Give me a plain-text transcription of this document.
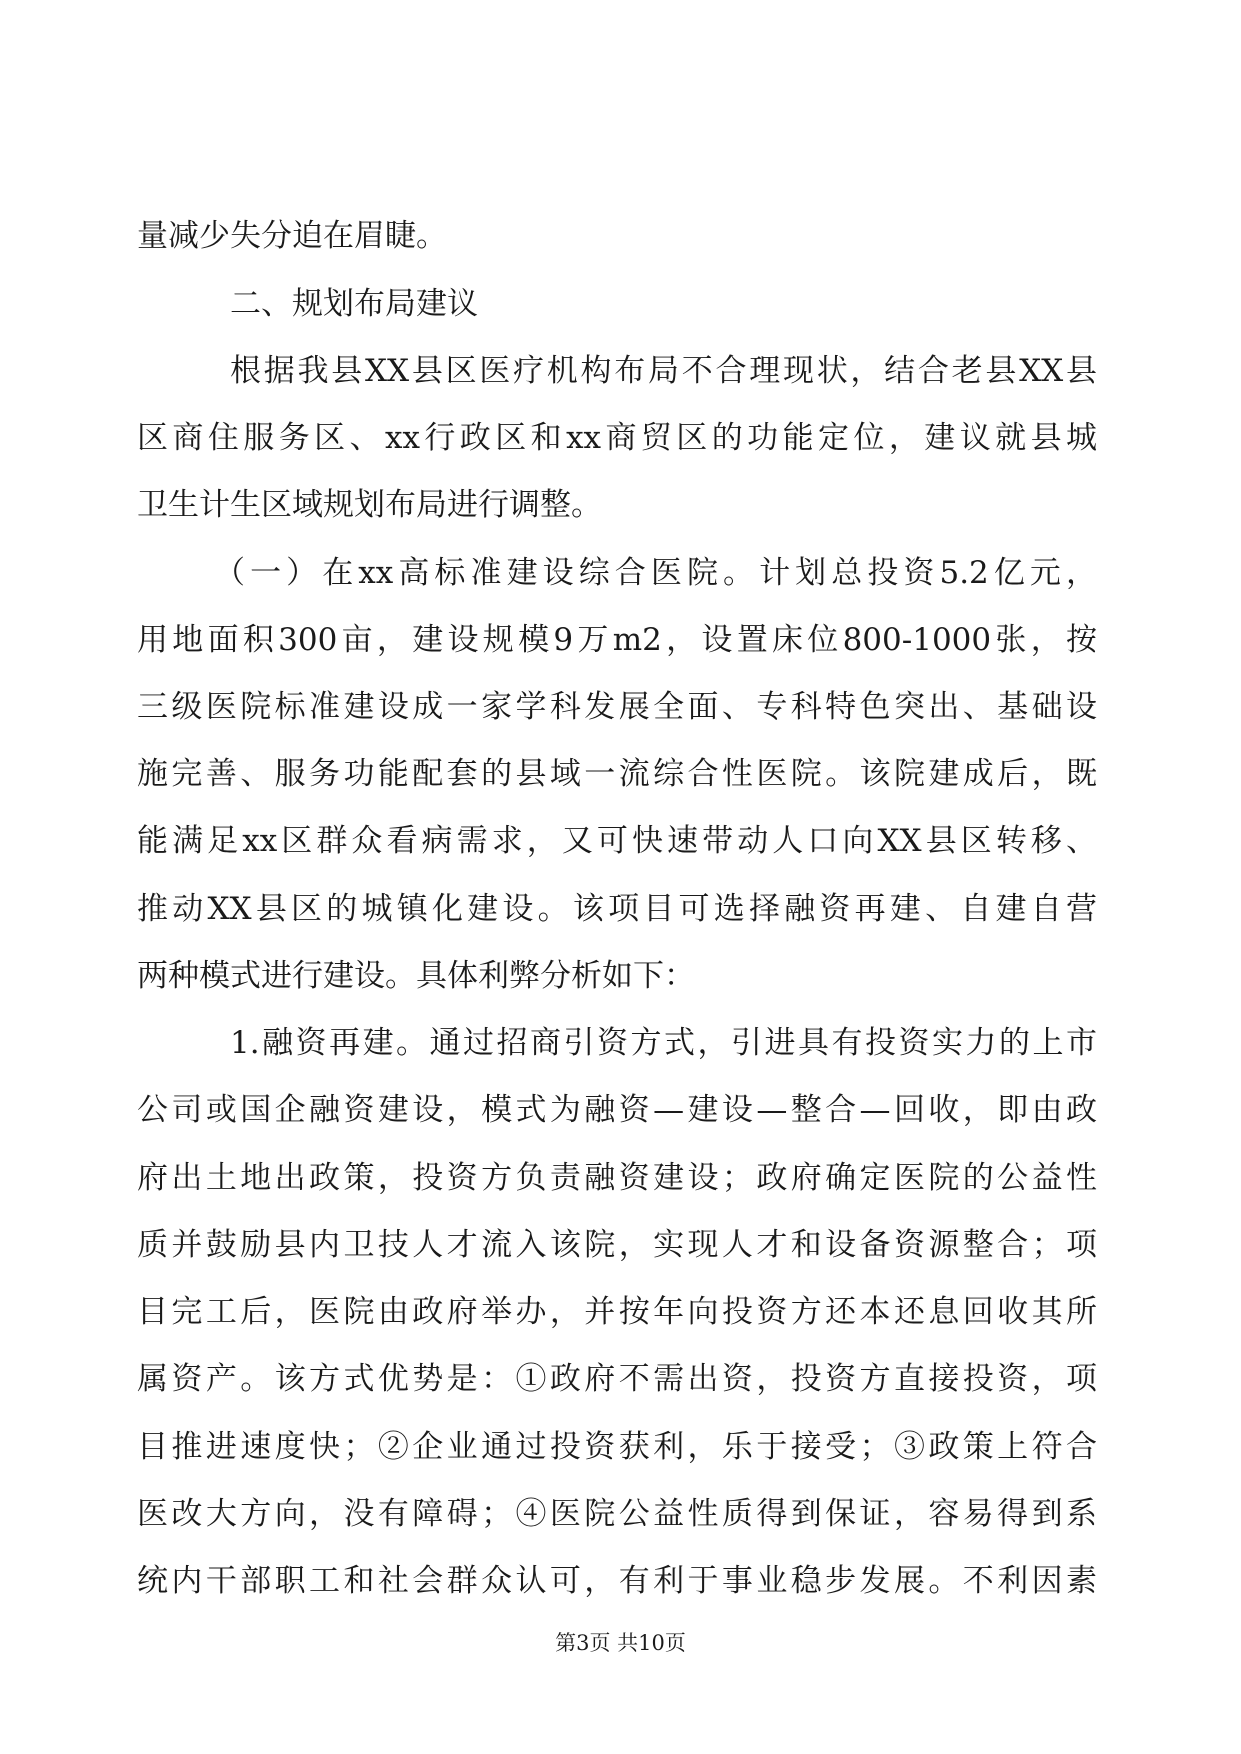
量减少失分迫在眉睫。
二、规划布局建议
根据我县XX县区医疗机构布局不合理现状，结合老县XX县
区商住服务区、xx行政区和xx商贸区的功能定位，建议就县城
卫生计生区域规划布局进行调整。
（一）在xx高标准建设综合医院。计划总投资5.2亿元，
用地面积300亩，建设规模9万m2，设置床位800-1000张，按
三级医院标准建设成一家学科发展全面、专科特色突出、基础设
施完善、服务功能配套的县域一流综合性医院。该院建成后，既
能满足xx区群众看病需求，又可快速带动人口向XX县区转移、
推动XX县区的城镇化建设。该项目可选择融资再建、自建自营
两种模式进行建设。具体利弊分析如下：
1.融资再建。通过招商引资方式，引进具有投资实力的上市
公司或国企融资建设，模式为融资—建设—整合—回收，即由政
府出土地出政策，投资方负责融资建设；政府确定医院的公益性
质并鼓励县内卫技人才流入该院，实现人才和设备资源整合；项
目完工后，医院由政府举办，并按年向投资方还本还息回收其所
属资产。该方式优势是：①政府不需出资，投资方直接投资，项
目推进速度快；②企业通过投资获利，乐于接受；③政策上符合
医改大方向，没有障碍；④医院公益性质得到保证，容易得到系
统内干部职工和社会群众认可，有利于事业稳步发展。不利因素
第3页 共10页
